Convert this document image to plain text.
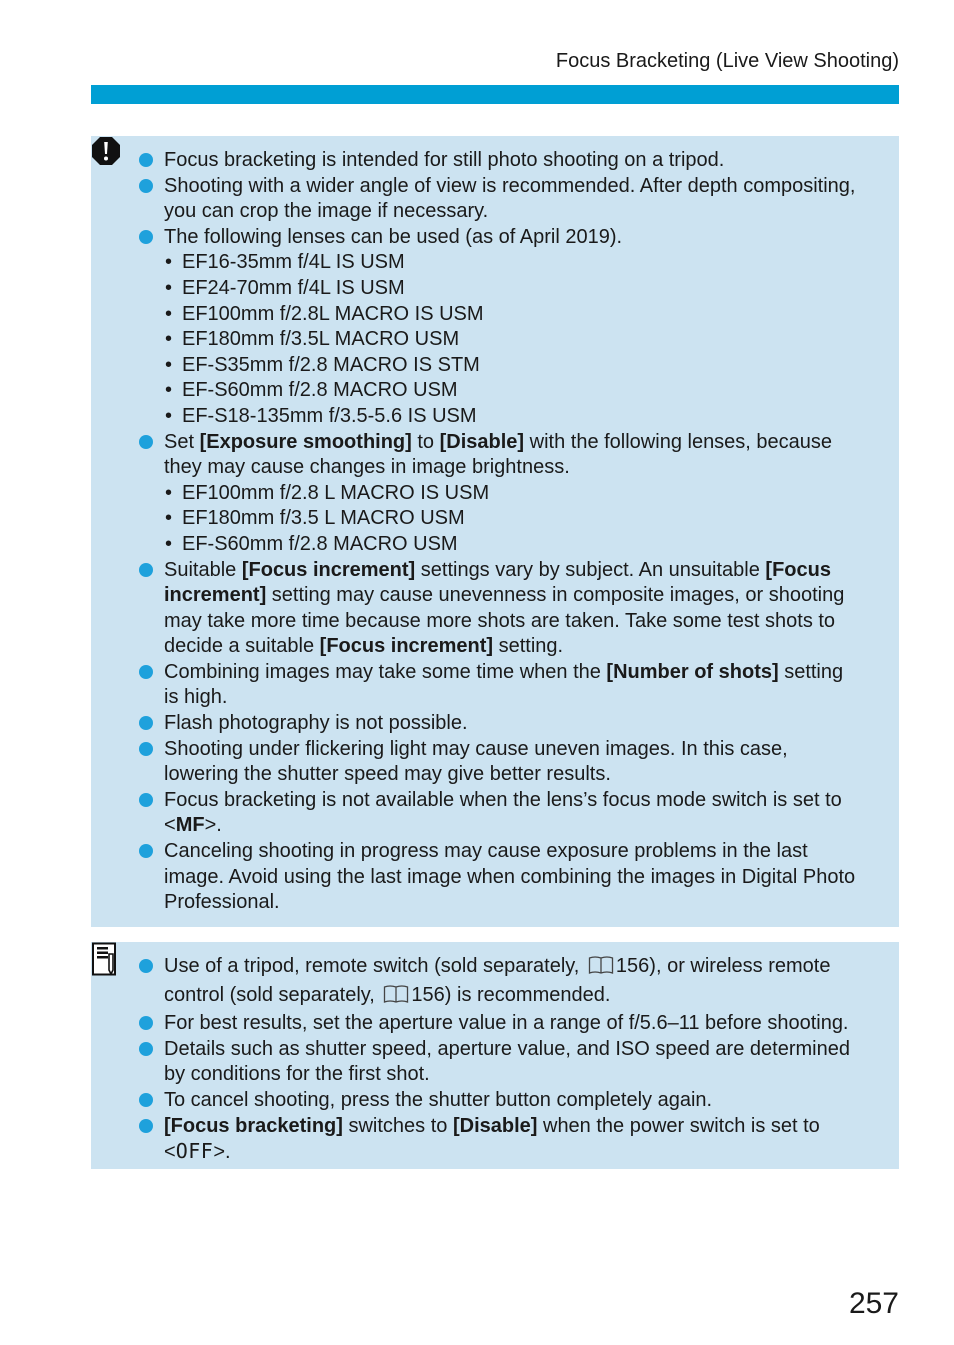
Focus Bracketing (Live View Shooting)
Focus bracketing is intended for still photo shooting on a tripod.
Shooting with a wider angle of view is recommended. After depth compositing,
you can crop the image if necessary.
The following lenses can be used (as of April 2019).
• EF16-35mm f/4L IS USM
• EF24-70mm f/4L IS USM
• EF100mm f/2.8L MACRO IS USM
• EF180mm f/3.5L MACRO USM
• EF-S35mm f/2.8 MACRO IS STM
• EF-S60mm f/2.8 MACRO USM
• EF-S18-135mm f/3.5-5.6 IS USM
Set [Exposure smoothing] to [Disable] with the following lenses, because
they may cause changes in image brightness.
• EF100mm f/2.8 L MACRO IS USM
• EF180mm f/3.5 L MACRO USM
• EF-S60mm f/2.8 MACRO USM
Suitable [Focus increment] settings vary by subject. An unsuitable [Focus
increment] setting may cause unevenness in composite images, or shooting
may take more time because more shots are taken. Take some test shots to
decide a suitable [Focus increment] setting.
Combining images may take some time when the [Number of shots] setting
is high.
Flash photography is not possible.
Shooting under flickering light may cause uneven images. In this case,
lowering the shutter speed may give better results.
Focus bracketing is not available when the lens’s focus mode switch is set to
<MF>.
Canceling shooting in progress may cause exposure problems in the last
image. Avoid using the last image when combining the images in Digital Photo
Professional.
Use of a tripod, remote switch (sold separately, 156), or wireless remote
control (sold separately, 156) is recommended.
For best results, set the aperture value in a range of f/5.6–11 before shooting.
Details such as shutter speed, aperture value, and ISO speed are determined
by conditions for the first shot.
To cancel shooting, press the shutter button completely again.
[Focus bracketing] switches to [Disable] when the power switch is set to
<OFF>.
257
